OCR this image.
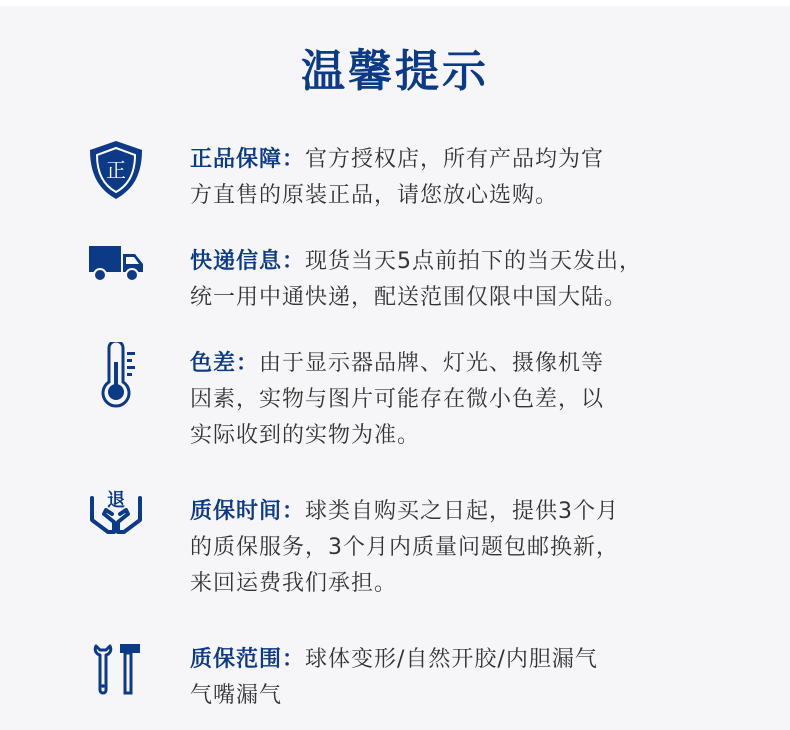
温馨提示
正	正品保障：官方授权店，所有产品均为官
方直售的原装正品，请您放心选购。
快递信息：现货当天5点前拍下的当天发出，
统一用中通快递，配送范围仅限中国大陆。
色差：由于显示器品牌、灯光、摄像机等
因素，实物与图片可能存在微小色差，以
实际收到的实物为准。
退	质保时间：球类自购买之日起，提供3个月
的质保服务，3个月内质量问题包邮换新，
来回运费我们承担。
质保范围：球体变形/自然开胶/内胆漏气
气嘴漏气
